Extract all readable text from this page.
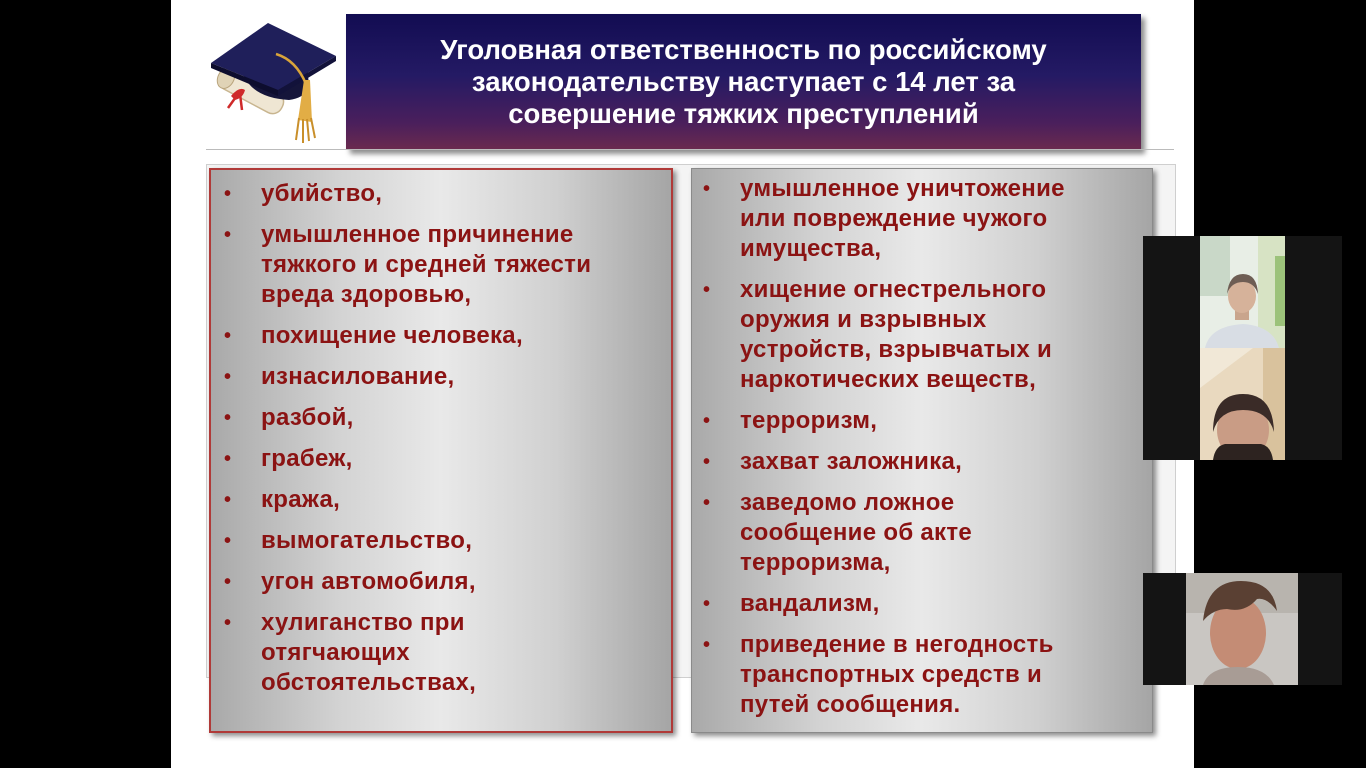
Уголовная ответственность по российскому
законодательству наступает с 14 лет за
совершение тяжких преступлений
• убийство,
• умышленное причинение
тяжкого и средней тяжести
вреда здоровью,
• похищение человека,
• изнасилование,
• разбой,
• грабеж,
• кража,
• вымогательство,
• угон автомобиля,
• хулиганство при
отягчающих
обстоятельствах,
• умышленное уничтожение
или повреждение чужого
имущества,
• хищение огнестрельного
оружия и взрывных
устройств, взрывчатых и
наркотических веществ,
• терроризм,
• захват заложника,
• заведомо ложное
сообщение об акте
терроризма,
• вандализм,
• приведение в негодность
транспортных средств и
путей сообщения.
